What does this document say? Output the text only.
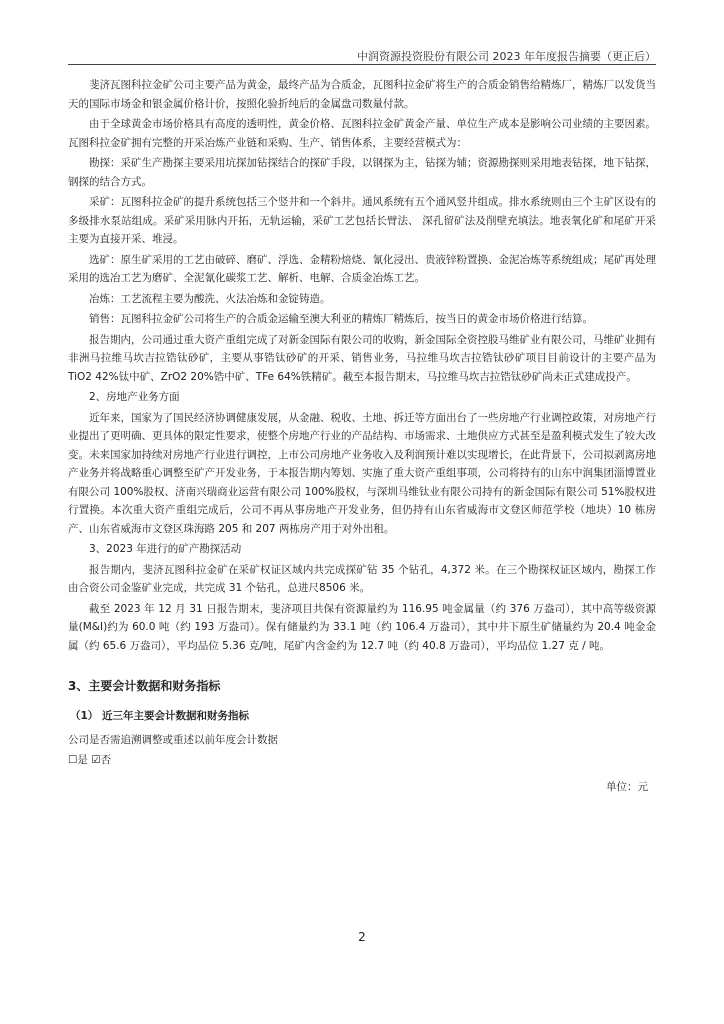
中润资源投资股份有限公司 2023 年年度报告摘要（更正后）

斐济瓦图科拉金矿公司主要产品为黄金，最终产品为合质金，瓦图科拉金矿将生产的合质金销售给精炼厂，精炼厂以发货当天的国际市场金和银金属价格计价，按照化验折纯后的金属盘司数量付款。

由于全球黄金市场价格具有高度的透明性，黄金价格、瓦图科拉金矿黄金产量、单位生产成本是影响公司业绩的主要因素。瓦图科拉金矿拥有完整的开采冶炼产业链和采购、生产、销售体系，主要经营模式为：

勘探：采矿生产勘探主要采用坑探加钻探结合的探矿手段，以钢探为主，钻探为辅；资源勘探则采用地表钻探，地下钻探，钢探的结合方式。

采矿：瓦图科拉金矿的提升系统包括三个竖井和一个斜井。通风系统有五个通风竖井组成。排水系统则由三个主矿区设有的多级排水泵站组成。采矿采用脉内开拓，无轨运输，采矿工艺包括长臂法、 深孔留矿法及削壁充填法。地表氧化矿和尾矿开采主要为直接开采、堆浸。

选矿：原生矿采用的工艺由破碎、磨矿、浮选、金精粉焙烧、氰化浸出、贵液锌粉置换、金泥冶炼等系统组成；尾矿再处理采用的选冶工艺为磨矿、全泥氰化碳浆工艺、解析、电解、合质金冶炼工艺。

冶炼：工艺流程主要为酸洗、火法冶炼和金锭铸造。

销售：瓦图科拉金矿公司将生产的合质金运输至澳大利亚的精炼厂精炼后，按当日的黄金市场价格进行结算。

报告期内，公司通过重大资产重组完成了对新金国际有限公司的收购，新金国际全资控股马维矿业有限公司，马维矿业拥有非洲马拉维马坎吉拉锆钛砂矿，主要从事锆钛砂矿的开采、销售业务，马拉维马坎吉拉锆钛砂矿项目目前设计的主要产品为 TiO2 42%钛中矿、ZrO2 20%锆中矿、TFe 64%铁精矿。截至本报告期末，马拉维马坎吉拉锆钛砂矿尚未正式建成投产。

2、房地产业务方面

近年来，国家为了国民经济协调健康发展，从金融、税收、土地、拆迁等方面出台了一些房地产行业调控政策，对房地产行业提出了更明确、更具体的限定性要求，使整个房地产行业的产品结构、市场需求、土地供应方式甚至是盈利模式发生了较大改变。未来国家加持续对房地产行业进行调控，上市公司房地产业务收入及利润预计难以实现增长，在此背景下，公司拟剥离房地产业务并将战略重心调整至矿产开发业务，于本报告期内筹划、实施了重大资产重组事项，公司将持有的山东中润集团淄博置业有限公司 100%股权、济南兴瑞商业运营有限公司 100%股权，与深圳马维钛业有限公司持有的新金国际有限公司 51%股权进行置换。本次重大资产重组完成后，公司不再从事房地产开发业务，但仍持有山东省威海市文登区师范学校（地块）10 栋房产、山东省威海市文登区珠海路 205 和 207 两栋房产用于对外出租。

3、2023 年进行的矿产勘探活动

报告期内，斐济瓦图科拉金矿在采矿权证区域内共完成探矿钻 35 个钻孔，4,372 米。在三个勘探权证区域内，勘探工作由合资公司金鉴矿业完成，共完成 31 个钻孔，总进尺8506 米。

截至 2023 年 12 月 31 日报告期末，斐济项目共保有资源量约为 116.95 吨金属量（约 376 万盎司），其中高等级资源量(M&I)约为 60.0 吨（约 193 万盎司）。保有储量约为 33.1 吨（约 106.4 万盎司），其中井下原生矿储量约为 20.4 吨金金属（约 65.6 万盎司），平均品位 5.36 克/吨，尾矿内含金约为 12.7 吨（约 40.8 万盎司），平均品位 1.27 克 / 吨。

3、主要会计数据和财务指标
（1） 近三年主要会计数据和财务指标
公司是否需追溯调整或重述以前年度会计数据
☐是 ☑否
单位：元
2
